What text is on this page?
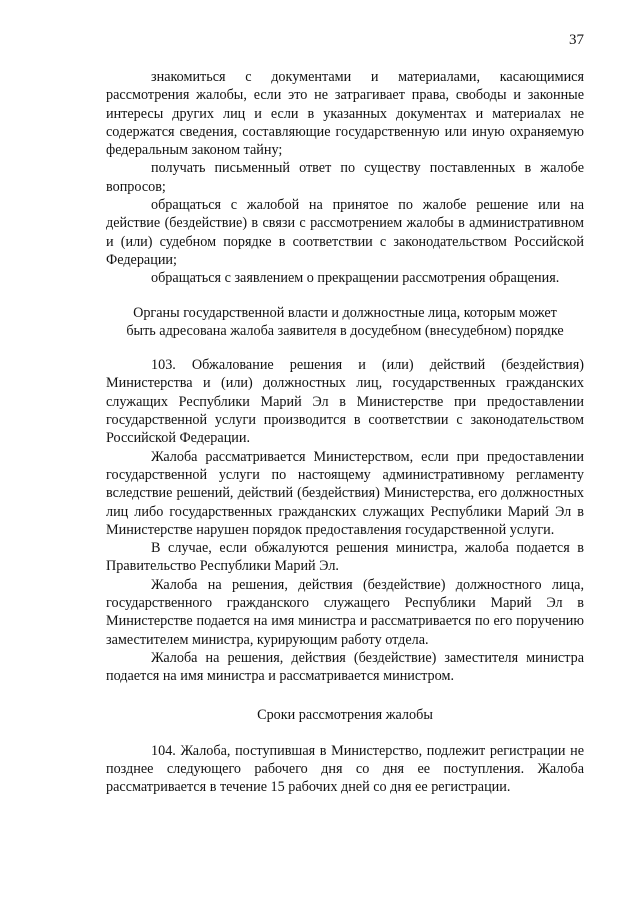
37

знакомиться с документами и материалами, касающимися рассмотрения жалобы, если это не затрагивает права, свободы и законные интересы других лиц и если в указанных документах и материалах не содержатся сведения, составляющие государственную или иную охраняемую федеральным законом тайну;

получать письменный ответ по существу поставленных в жалобе вопросов;

обращаться с жалобой на принятое по жалобе решение или на действие (бездействие) в связи с рассмотрением жалобы в административном и (или) судебном порядке в соответствии с законодательством Российской Федерации;

обращаться с заявлением о прекращении рассмотрения обращения.

Органы государственной власти и должностные лица, которым может
быть адресована жалоба заявителя в досудебном (внесудебном) порядке

103. Обжалование решения и (или) действий (бездействия) Министерства и (или) должностных лиц, государственных гражданских служащих Республики Марий Эл в Министерстве при предоставлении государственной услуги производится в соответствии с законодательством Российской Федерации.

Жалоба рассматривается Министерством, если при предоставлении государственной услуги по настоящему административному регламенту вследствие решений, действий (бездействия) Министерства, его должностных лиц либо государственных гражданских служащих Республики Марий Эл в Министерстве нарушен порядок предоставления государственной услуги.

В случае, если обжалуются решения министра, жалоба подается в Правительство Республики Марий Эл.

Жалоба на решения, действия (бездействие) должностного лица, государственного гражданского служащего Республики Марий Эл в Министерстве подается на имя министра и рассматривается по его поручению заместителем министра, курирующим работу отдела.

Жалоба на решения, действия (бездействие) заместителя министра подается на имя министра и рассматривается министром.

Сроки рассмотрения жалобы

104. Жалоба, поступившая в Министерство, подлежит регистрации не позднее следующего рабочего дня со дня ее поступления. Жалоба рассматривается в течение 15 рабочих дней со дня ее регистрации.
